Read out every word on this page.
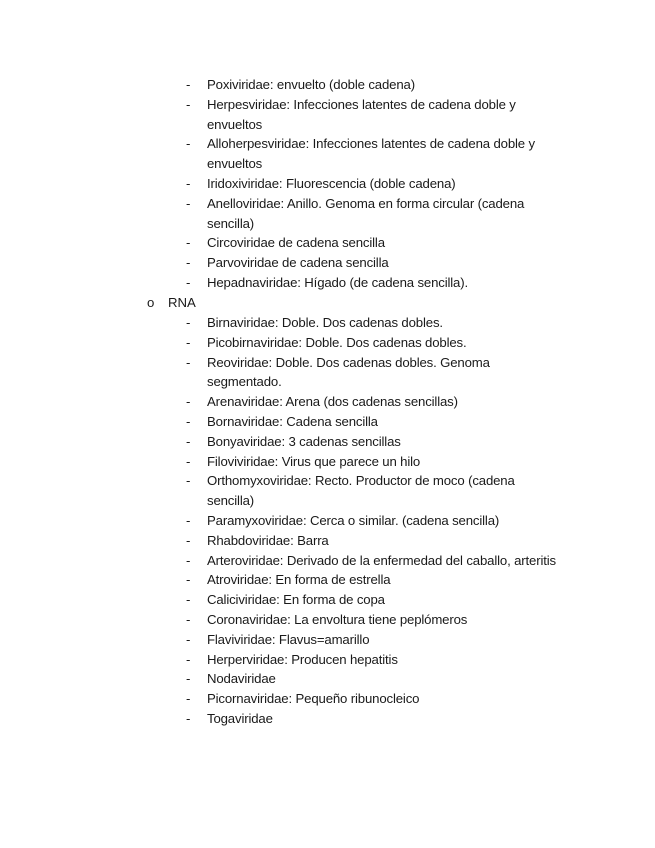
- Poxiviridae: envuelto (doble cadena)
- Herpesviridae: Infecciones latentes de cadena doble y envueltos
- Alloherpesviridae: Infecciones latentes de cadena doble y envueltos
- Iridoxiviridae: Fluorescencia (doble cadena)
- Anelloviridae: Anillo. Genoma en forma circular (cadena sencilla)
- Circoviridae de cadena sencilla
- Parvoviridae de cadena sencilla
- Hepadnaviridae: Hígado (de cadena sencilla).
o RNA
- Birnaviridae: Doble. Dos cadenas dobles.
- Picobirnaviridae: Doble. Dos cadenas dobles.
- Reoviridae: Doble. Dos cadenas dobles. Genoma segmentado.
- Arenaviridae: Arena (dos cadenas sencillas)
- Bornaviridae: Cadena sencilla
- Bonyaviridae: 3 cadenas sencillas
- Filoviviridae: Virus que parece un hilo
- Orthomyxoviridae: Recto. Productor de moco (cadena sencilla)
- Paramyxoviridae: Cerca o similar. (cadena sencilla)
- Rhabdoviridae: Barra
- Arteroviridae: Derivado de la enfermedad del caballo, arteritis
- Atroviridae: En forma de estrella
- Caliciviridae: En forma de copa
- Coronaviridae: La envoltura tiene peplómeros
- Flaviviridae: Flavus=amarillo
- Herperviridae: Producen hepatitis
- Nodaviridae
- Picornaviridae: Pequeño ribunocleico
- Togaviridae
